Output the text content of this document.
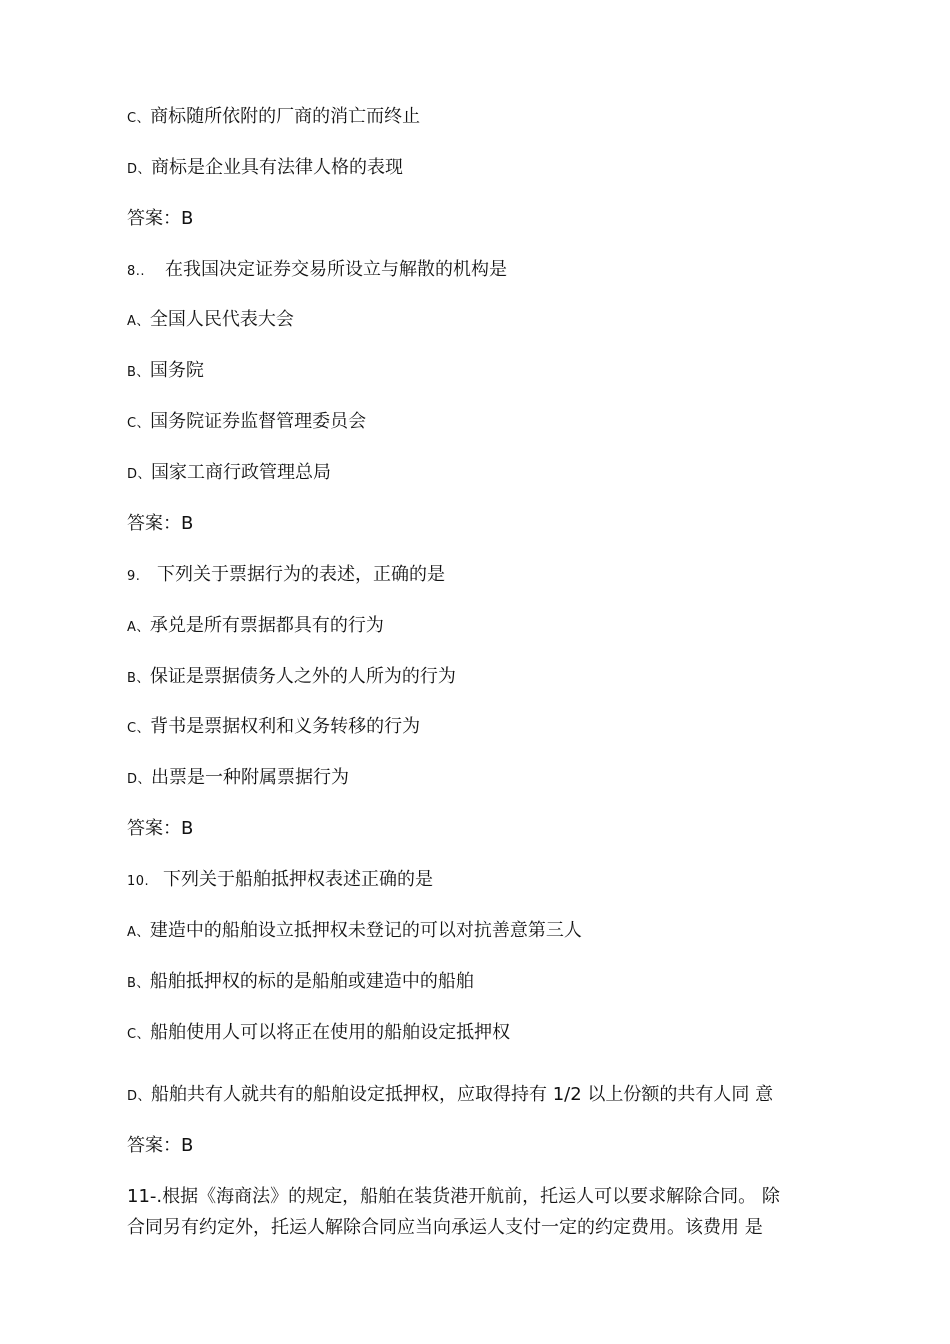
C、商标随所依附的厂商的消亡而终止
D、商标是企业具有法律人格的表现
答案：B
8.. 在我国决定证券交易所设立与解散的机构是
A、全国人民代表大会
B、国务院
C、国务院证券监督管理委员会
D、国家工商行政管理总局
答案：B
9. 下列关于票据行为的表述，正确的是
A、承兑是所有票据都具有的行为
B、保证是票据债务人之外的人所为的行为
C、背书是票据权利和义务转移的行为
D、出票是一种附属票据行为
答案：B
10. 下列关于船舶抵押权表述正确的是
A、建造中的船舶设立抵押权未登记的可以对抗善意第三人
B、船舶抵押权的标的是船舶或建造中的船舶
C、船舶使用人可以将正在使用的船舶设定抵押权
D、船舶共有人就共有的船舶设定抵押权，应取得持有 1/2 以上份额的共有人同 意
答案：B
11-.根据《海商法》的规定，船舶在装货港开航前，托运人可以要求解除合同。 除
合同另有约定外，托运人解除合同应当向承运人支付一定的约定费用。该费用 是
